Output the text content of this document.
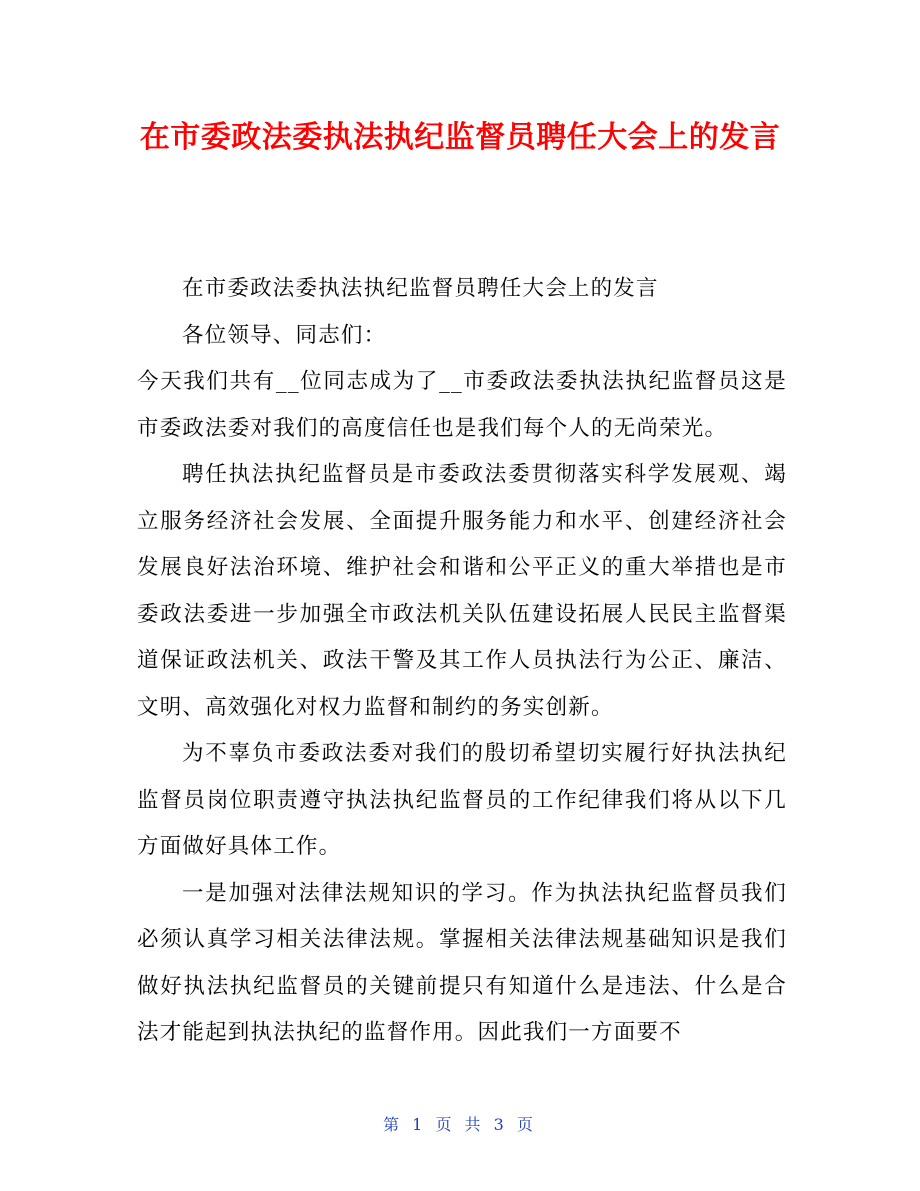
在市委政法委执法执纪监督员聘任大会上的发言

在市委政法委执法执纪监督员聘任大会上的发言

各位领导、同志们：

今天我们共有__位同志成为了__市委政法委执法执纪监督员这是市委政法委对我们的高度信任也是我们每个人的无尚荣光。

聘任执法执纪监督员是市委政法委贯彻落实科学发展观、竭立服务经济社会发展、全面提升服务能力和水平、创建经济社会发展良好法治环境、维护社会和谐和公平正义的重大举措也是市委政法委进一步加强全市政法机关队伍建设拓展人民民主监督渠道保证政法机关、政法干警及其工作人员执法行为公正、廉洁、文明、高效强化对权力监督和制约的务实创新。

为不辜负市委政法委对我们的殷切希望切实履行好执法执纪监督员岗位职责遵守执法执纪监督员的工作纪律我们将从以下几方面做好具体工作。

一是加强对法律法规知识的学习。作为执法执纪监督员我们必须认真学习相关法律法规。掌握相关法律法规基础知识是我们做好执法执纪监督员的关键前提只有知道什么是违法、什么是合法才能起到执法执纪的监督作用。因此我们一方面要不

第 1 页 共 3 页
